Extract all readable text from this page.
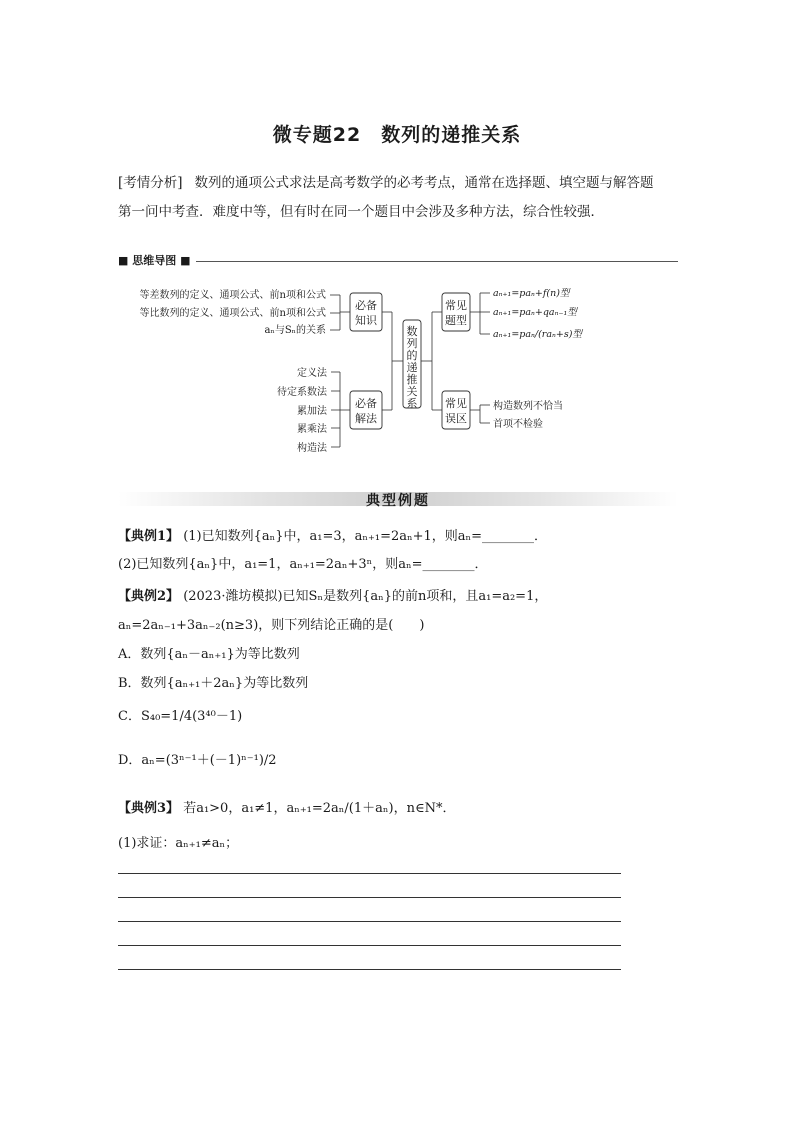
微专题22　数列的递推关系
[考情分析] 数列的通项公式求法是高考数学的必考考点，通常在选择题、填空题与解答题
第一问中考查．难度中等，但有时在同一个题目中会涉及多种方法，综合性较强．
■ 思维导图 ■
等差数列的定义、通项公式、前n项和公式
等比数列的定义、通项公式、前n项和公式
aₙ与Sₙ的关系
定义法
待定系数法
累加法
累乘法
构造法
必备
知识
必备
解法
常见
题型
常见
误区
数
列
的
递
推
关
系
aₙ₊₁=paₙ+f(n)型
aₙ₊₁=paₙ+qaₙ₋₁型
aₙ₊₁=paₙ/(raₙ+s)型
构造数列不恰当
首项不检验
典型例题
【典例1】 (1)已知数列{aₙ}中，a₁=3，aₙ₊₁=2aₙ+1，则aₙ=________．
(2)已知数列{aₙ}中，a₁=1，aₙ₊₁=2aₙ+3ⁿ，则aₙ=________．
【典例2】 (2023·潍坊模拟)已知Sₙ是数列{aₙ}的前n项和，且a₁=a₂=1，aₙ=2aₙ₋₁+3aₙ₋₂(n≥3)，则下列结论正确的是(　　)
A．数列{aₙ－aₙ₊₁}为等比数列
B．数列{aₙ₊₁＋2aₙ}为等比数列
C．S₄₀=1/4(3⁴⁰－1)
D．aₙ=(3ⁿ⁻¹＋(－1)ⁿ⁻¹)/2
【典例3】 若a₁>0，a₁≠1，aₙ₊₁=2aₙ/(1＋aₙ)，n∈N*．
(1)求证：aₙ₊₁≠aₙ；
